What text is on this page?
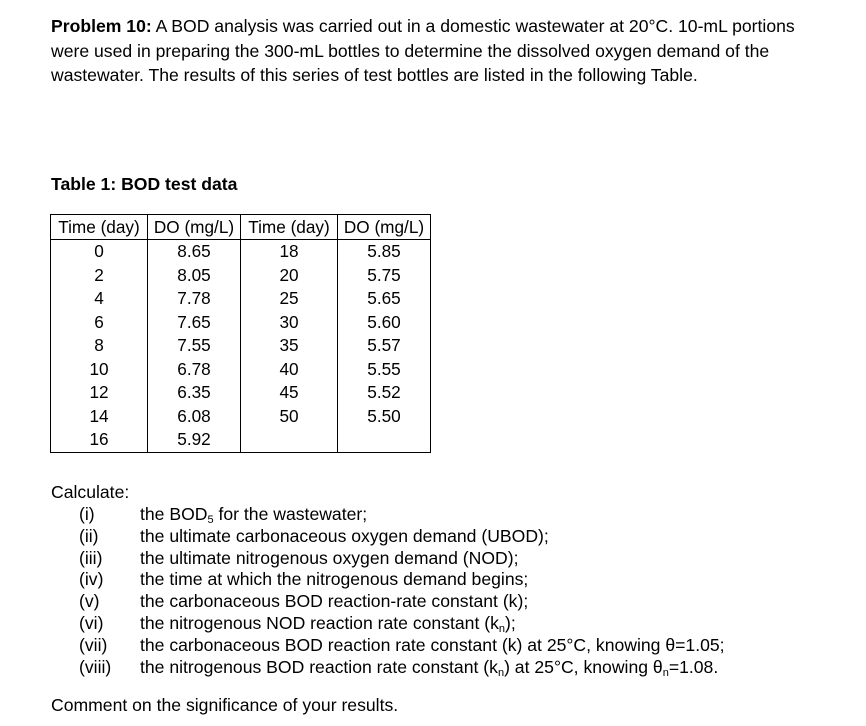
Problem 10: A BOD analysis was carried out in a domestic wastewater at 20°C. 10-mL portions were used in preparing the 300-mL bottles to determine the dissolved oxygen demand of the wastewater. The results of this series of test bottles are listed in the following Table.
Table 1: BOD test data
Time (day)	DO (mg/L)	Time (day)	DO (mg/L)
0	8.65	18	5.85
2	8.05	20	5.75
4	7.78	25	5.65
6	7.65	30	5.60
8	7.55	35	5.57
10	6.78	40	5.55
12	6.35	45	5.52
14	6.08	50	5.50
16	5.92		
Calculate:
(i)	the $BOD_5$ for the wastewater;
(ii)	the ultimate carbonaceous oxygen demand (UBOD);
(iii)	the ultimate nitrogenous oxygen demand (NOD);
(iv)	the time at which the nitrogenous demand begins;
(v)	the carbonaceous BOD reaction-rate constant (k);
(vi)	the nitrogenous NOD reaction rate constant $(k_n)$;
(vii)	the carbonaceous BOD reaction rate constant (k) at 25°C, knowing θ=1.05;
(viii)	the nitrogenous BOD reaction rate constant $(k_n)$ at 25°C, knowing $\theta_n=1.08$.
Comment on the significance of your results.
